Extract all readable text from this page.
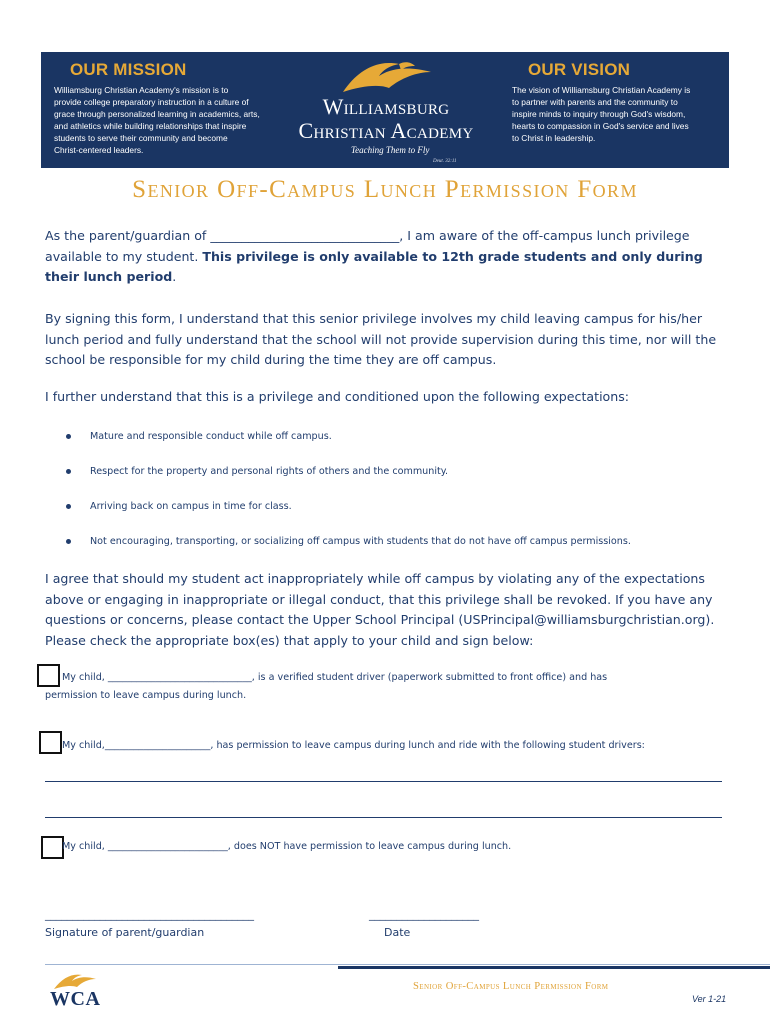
OUR MISSION
Williamsburg Christian Academy's mission is to
provide college preparatory instruction in a culture of
grace through personalized learning in academics, arts,
and athletics while building relationships that inspire
students to serve their community and become
Christ-centered leaders.
Williamsburg
Christian Academy
Teaching Them to Fly
Deut. 32:11
OUR VISION
The vision of Williamsburg Christian Academy is
to partner with parents and the community to
inspire minds to inquiry through God's wisdom,
hearts to compassion in God's service and lives
to Christ in leadership.
Senior Off-Campus Lunch Permission Form
As the parent/guardian of ______________________________, I am aware of the off-campus lunch privilege available to my student. This privilege is only available to 12th grade students and only during their lunch period.
By signing this form, I understand that this senior privilege involves my child leaving campus for his/her lunch period and fully understand that the school will not provide supervision during this time, nor will the school be responsible for my child during the time they are off campus.
I further understand that this is a privilege and conditioned upon the following expectations:
Mature and responsible conduct while off campus.
Respect for the property and personal rights of others and the community.
Arriving back on campus in time for class.
Not encouraging, transporting, or socializing off campus with students that do not have off campus permissions.
I agree that should my student act inappropriately while off campus by violating any of the expectations above or engaging in inappropriate or illegal conduct, that this privilege shall be revoked. If you have any questions or concerns, please contact the Upper School Principal (USPrincipal@williamsburgchristian.org). Please check the appropriate box(es) that apply to your child and sign below:
My child, ______________________________, is a verified student driver (paperwork submitted to front office) and has
permission to leave campus during lunch.
My child,______________________, has permission to leave campus during lunch and ride with the following student drivers:
My child, _________________________, does NOT have permission to leave campus during lunch.
______________________________________
Signature of parent/guardian
____________________
Date
WCA
Senior Off-Campus Lunch Permission Form
Ver 1-21
